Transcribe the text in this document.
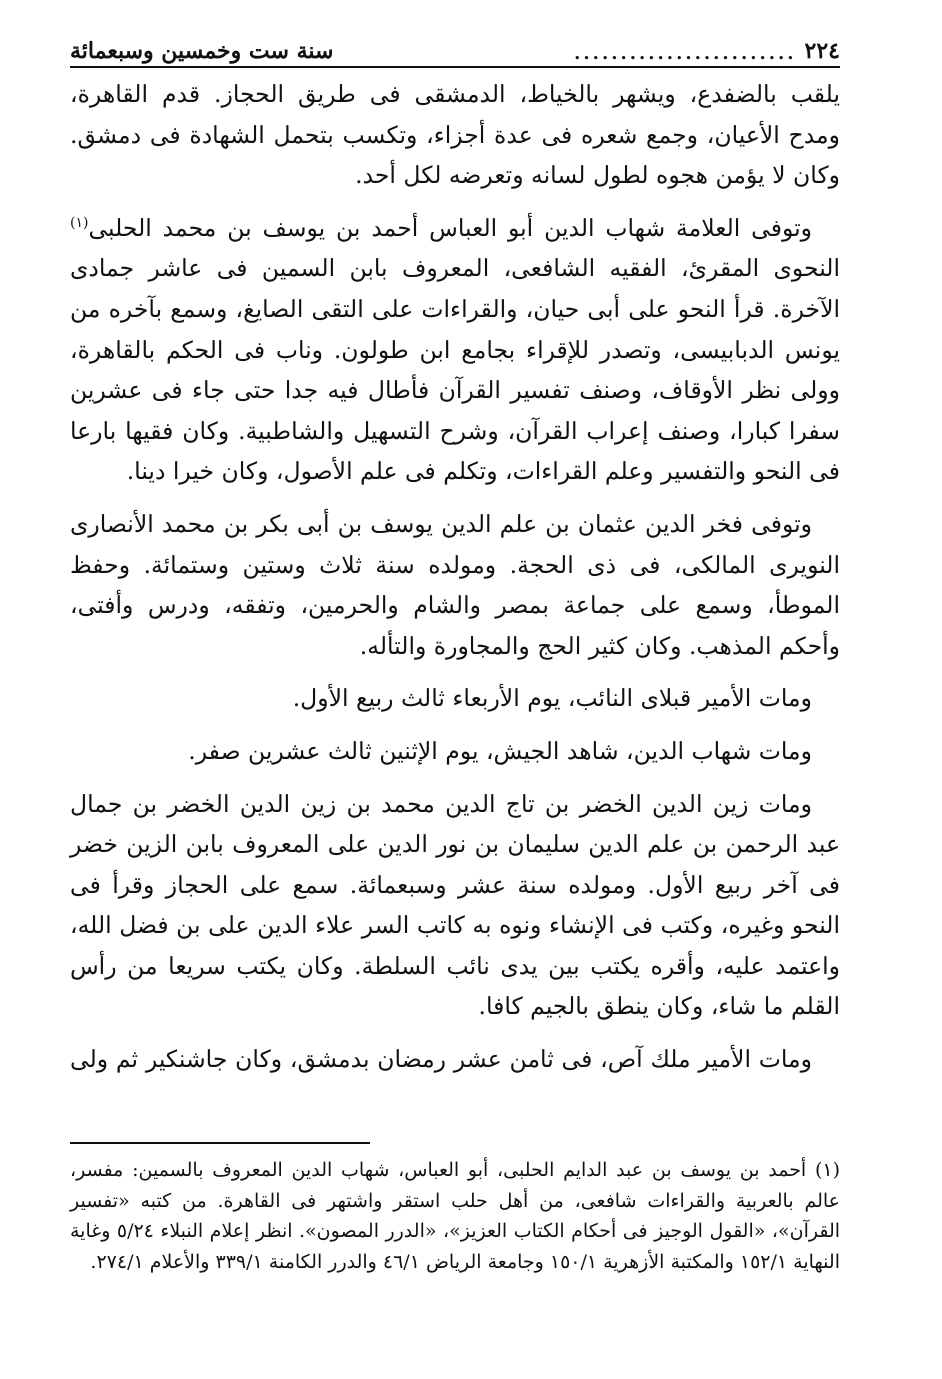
٢٢٤
........................
سنة ست وخمسين وسبعمائة

يلقب بالضفدع، ويشهر بالخياط، الدمشقى فى طريق الحجاز. قدم القاهرة، ومدح الأعيان، وجمع شعره فى عدة أجزاء، وتكسب بتحمل الشهادة فى دمشق. وكان لا يؤمن هجوه لطول لسانه وتعرضه لكل أحد.

وتوفى العلامة شهاب الدين أبو العباس أحمد بن يوسف بن محمد الحلبى$^{(١)}$ النحوى المقرئ، الفقيه الشافعى، المعروف بابن السمين فى عاشر جمادى الآخرة. قرأ النحو على أبى حيان، والقراءات على التقى الصايغ، وسمع بآخره من يونس الدبابيسى، وتصدر للإقراء بجامع ابن طولون. وناب فى الحكم بالقاهرة، وولى نظر الأوقاف، وصنف تفسير القرآن فأطال فيه جدا حتى جاء فى عشرين سفرا كبارا، وصنف إعراب القرآن، وشرح التسهيل والشاطبية. وكان فقيها بارعا فى النحو والتفسير وعلم القراءات، وتكلم فى علم الأصول، وكان خيرا دينا.

وتوفى فخر الدين عثمان بن علم الدين يوسف بن أبى بكر بن محمد الأنصارى النويرى المالكى، فى ذى الحجة. ومولده سنة ثلاث وستين وستمائة. وحفظ الموطأ، وسمع على جماعة بمصر والشام والحرمين، وتفقه، ودرس وأفتى، وأحكم المذهب. وكان كثير الحج والمجاورة والتأله.

ومات الأمير قبلاى النائب، يوم الأربعاء ثالث ربيع الأول.

ومات شهاب الدين، شاهد الجيش، يوم الإثنين ثالث عشرين صفر.

ومات زين الدين الخضر بن تاج الدين محمد بن زين الدين الخضر بن جمال عبد الرحمن بن علم الدين سليمان بن نور الدين على المعروف بابن الزين خضر فى آخر ربيع الأول. ومولده سنة عشر وسبعمائة. سمع على الحجاز وقرأ فى النحو وغيره، وكتب فى الإنشاء ونوه به كاتب السر علاء الدين على بن فضل الله، واعتمد عليه، وأقره يكتب بين يدى نائب السلطة. وكان يكتب سريعا من رأس القلم ما شاء، وكان ينطق بالجيم كافا.

ومات الأمير ملك آص، فى ثامن عشر رمضان بدمشق، وكان جاشنكير ثم ولى

(١) أحمد بن يوسف بن عبد الدايم الحلبى، أبو العباس، شهاب الدين المعروف بالسمين: مفسر، عالم بالعربية والقراءات شافعى، من أهل حلب استقر واشتهر فى القاهرة. من كتبه «تفسير القرآن»، «القول الوجيز فى أحكام الكتاب العزيز»، «الدرر المصون». انظر إعلام النبلاء ٥/٢٤ وغاية النهاية ١٥٢/١ والمكتبة الأزهرية ١٥٠/١ وجامعة الرياض ٤٦/١ والدرر الكامنة ٣٣٩/١ والأعلام ٢٧٤/١.
